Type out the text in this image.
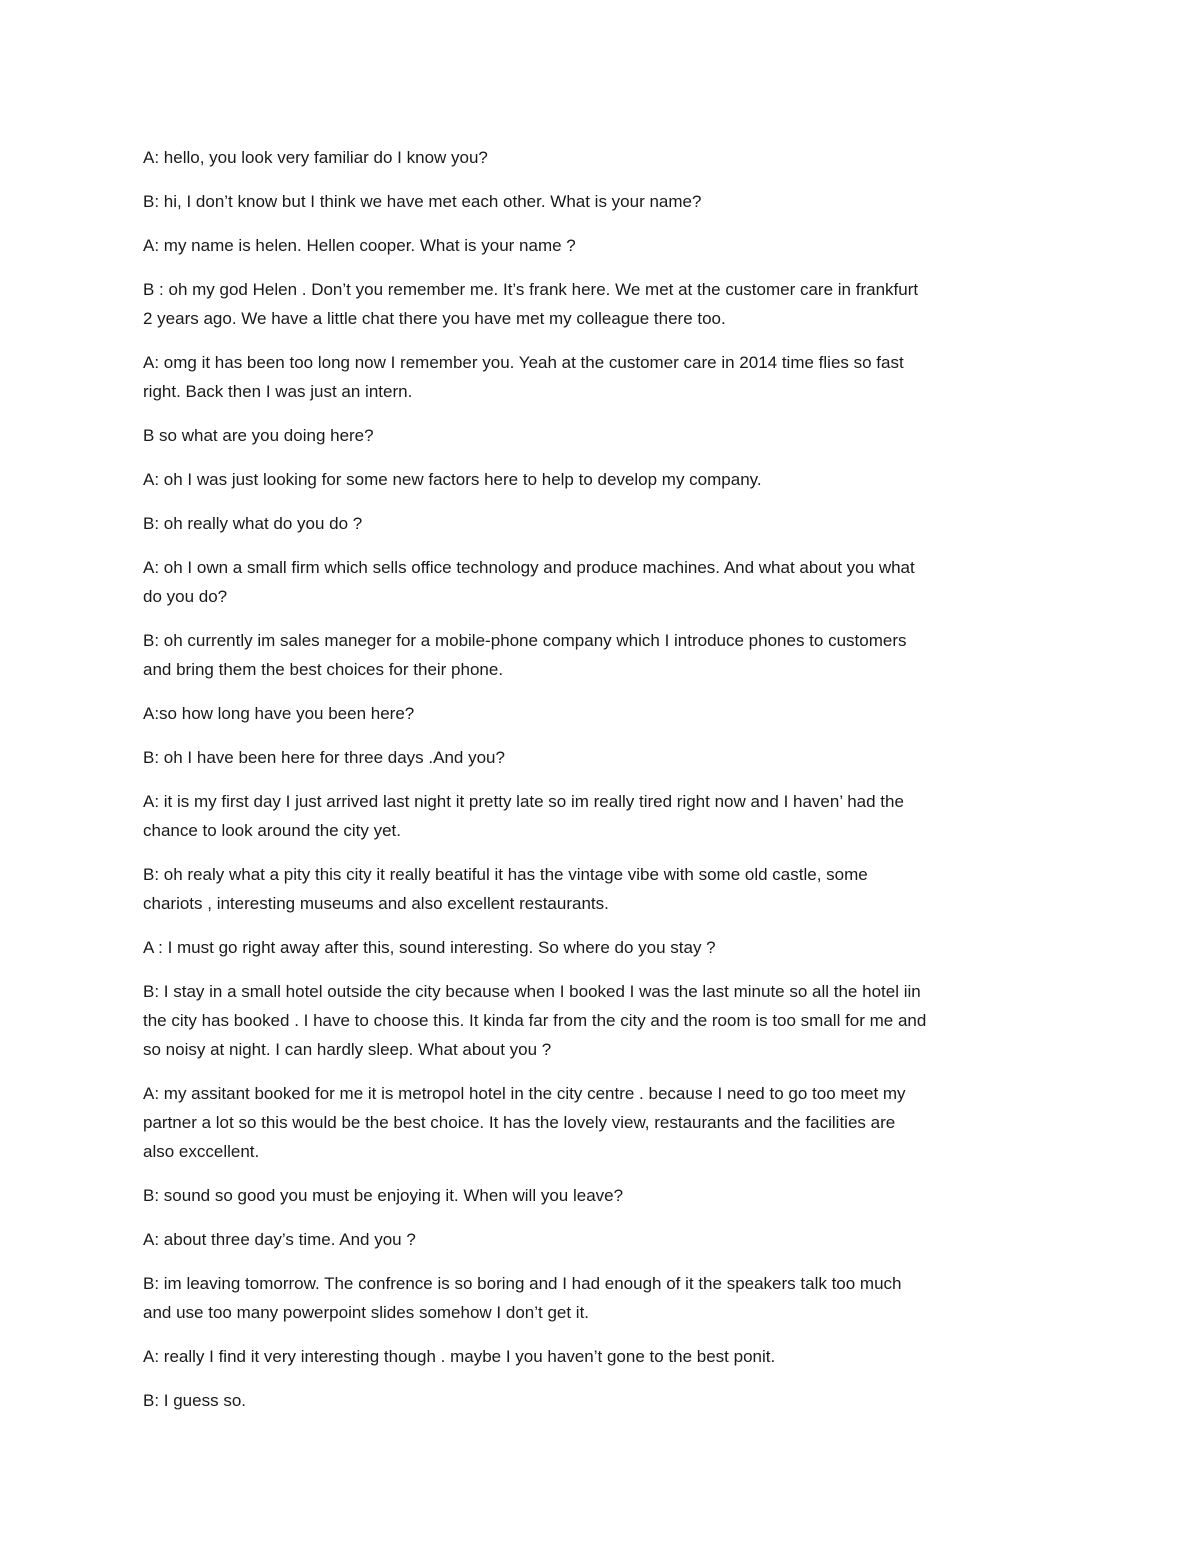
A: hello, you look very familiar do I know you?

B: hi, I don’t know but I think we have met each other. What is your name?

A: my name is helen. Hellen cooper. What is your name ?

B : oh my god Helen . Don’t you remember me. It’s frank here. We met at the customer care in frankfurt
2 years ago. We have a little chat there you have met my colleague there too.

A: omg it has been too long now I remember you. Yeah at the customer care in 2014 time flies so fast
right. Back then I was just an intern.

B so what are you doing here?

A: oh I was just looking for some new factors here to help to develop my company.

B: oh really what do you do ?

A: oh I own a small firm which sells office technology and produce machines. And what about you what
do you do?

B: oh currently im sales maneger for a mobile-phone company which I introduce phones to customers
and bring them the best choices for their phone.

A:so how long have you been here?

B: oh I have been here for three days .And you?

A: it is my first day I just arrived last night it pretty late so im really tired right now and I haven’ had the
chance to look around the city yet.

B: oh realy what a pity this city it really beatiful it has the vintage vibe with some old castle, some
chariots , interesting museums and also excellent restaurants.

A : I must go right away after this, sound interesting. So where do you stay ?

B: I stay in a small hotel outside the city because when I booked I was the last minute so all the hotel iin
the city has booked . I have to choose this. It kinda far from the city and the room is too small for me and
so noisy at night. I can hardly sleep. What about you ?

A: my assitant booked for me it is metropol hotel in the city centre . because I need to go too meet my
partner a lot so this would be the best choice. It has the lovely view, restaurants and the facilities are
also exccellent.

B: sound so good you must be enjoying it. When will you leave?

A: about three day’s time. And you ?

B: im leaving tomorrow. The confrence is so boring and I had enough of it the speakers talk too much
and use too many powerpoint slides somehow I don’t get it.

A: really I find it very interesting though . maybe I you haven’t gone to the best ponit.

B: I guess so.
